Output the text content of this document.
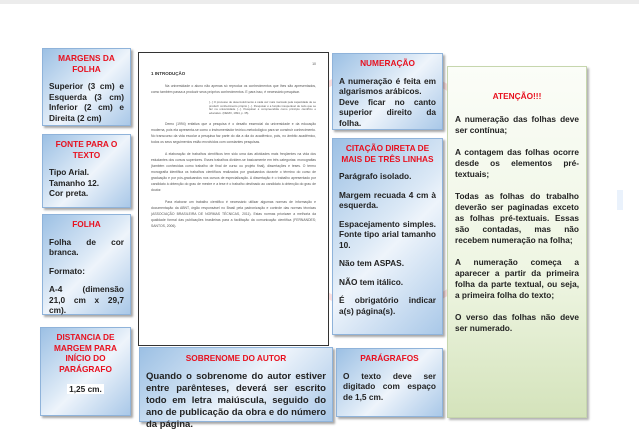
MARGENS DA FOLHA

Superior (3 cm) e Esquerda (3 cm) Inferior (2 cm) e Direita (2 cm)

FONTE PARA O TEXTO
Tipo Arial.
Tamanho 12.
Cor preta.
FOLHA

Folha de cor branca.

Formato:

A-4 (dimensão 21,0 cm x 29,7 cm).

DISTANCIA DE MARGEM PARA INÍCIO DO PARÁGRAFO
1,25 cm.
10
1 INTRODUÇÃO

Na universidade o aluno não apenas só reproduz os conhecimentos que lhes são apresentados, como também passa a produzir seus próprios conhecimentos. E para isso, é necessário pesquisar.

[...] O processo de desenvolvimento é cada vez mais marcado pela capacidade de se produzir conhecimento próprio [...]. Pesquisar é a função insuperável de tudo que se faz na universidade [...]. Pesquisar é compreendida como princípio científico e educativo. (DEMO, 1994, p. 35).

Demo (1994) enfatiza que a pesquisa é o desafio essencial da universidade e da educação moderna, pois ela apresenta-se como o instrumentador teórico-metodológico para se construir conhecimento. No transcurso da vida escolar a pesquisa faz parte do dia a dia do acadêmico, pois, no âmbito acadêmico, todos os seus seguimentos estão envolvidos com constantes pesquisas.

A elaboração de trabalhos científicos tem sido uma das atividades mais freqüentes na vida dos estudantes dos cursos superiores. Esses trabalhos dividem-se basicamente em três categorias: monografias (também conhecidas como trabalho de final de curso ou projeto final), dissertações e teses. O termo monografia identifica os trabalhos científicos realizados por graduandos durante o término do curso de graduação e por pós-graduandos nos cursos de especialização. A dissertação é o trabalho apresentado por candidato à obtenção do grau de mestre e a tese é o trabalho destinado ao candidato à obtenção do grau de doutor.

Para elaborar um trabalho científico é necessário utilizar algumas normas de informação e documentação da ABNT, órgão responsável no Brasil pela padronização e controle das normas técnicas (ASSOCIAÇÃO BRASILEIRA DE NORMAS TÉCNICAS, 2011). Estas normas priorizam a melhoria da qualidade formal das publicações brasileiras para a facilitação da comunicação científica (FERNANDES; SANTOS, 2006).

SOBRENOME DO AUTOR
Quando o sobrenome do autor estiver entre parênteses, deverá ser escrito todo em letra maiúscula, seguido do ano de publicação da obra e do número da página.
NUMERAÇÃO
A numeração é feita em algarismos arábicos.
Deve ficar no canto superior direito da folha.
CITAÇÃO DIRETA DE MAIS DE TRÊS LINHAS

Parágrafo isolado.

Margem recuada 4 cm à esquerda.

Espacejamento simples. Fonte tipo arial tamanho 10.

Não tem ASPAS.

NÃO tem itálico.

É obrigatório indicar a(s) página(s).

PARÁGRAFOS
O texto deve ser digitado com espaço de 1,5 cm.
ATENÇÃO!!!

A numeração das folhas deve ser contínua;

A contagem das folhas ocorre desde os elementos pré-textuais;

Todas as folhas do trabalho deverão ser paginadas exceto as folhas pré-textuais. Essas são contadas, mas não recebem numeração na folha;

A numeração começa a aparecer a partir da primeira folha da parte textual, ou seja, a primeira folha do texto;

O verso das folhas não deve ser numerado.
